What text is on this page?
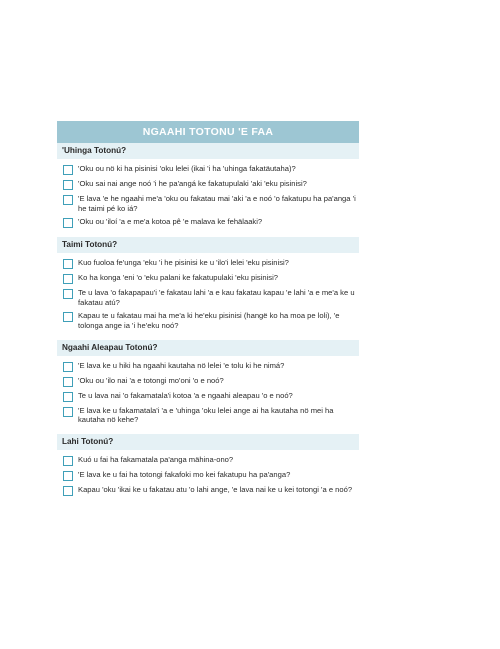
NGAAHI TOTONU 'E FAA
'Uhinga Totonú?
'Oku ou nö ki ha pisinisi 'oku lelei (ikai 'i ha 'uhinga fakatäutaha)?
'Oku sai nai ange noó 'i he pa'angá ke fakatupulaki 'aki 'eku pisinisi?
'E lava 'e he ngaahi me'a 'oku ou fakatau mai 'aki 'a e noó 'o fakatupu ha pa'anga 'i he taimi pé ko iá?
'Oku ou 'iloí 'a e me'a kotoa pê 'e malava ke fehälaaki?
Taimi Totonú?
Kuo fuoloa fe'unga 'eku 'i he pisinisi ke u 'ilo'i lelei 'eku pisinisi?
Ko ha konga 'eni 'o 'eku palani ke fakatupulaki 'eku pisinisi?
Te u lava 'o fakapapau'i 'e fakatau lahi 'a e kau fakatau kapau 'e lahi 'a e me'a ke u fakatau atú?
Kapau te u fakatau mai ha me'a ki he'eku pisinisi (hangë ko ha moa pe loli), 'e tolonga ange ia 'i he'eku noó?
Ngaahi Aleapau Totonú?
'E lava ke u hiki ha ngaahi kautaha nö lelei 'e tolu ki he nimá?
'Oku ou 'ilo nai 'a e totongi mo'oni 'o e noó?
Te u lava nai 'o fakamatala'i kotoa 'a e ngaahi aleapau 'o e noó?
'E lava ke u fakamatala'i 'a e 'uhinga 'oku lelei ange ai ha kautaha nö mei ha kautaha nö kehe?
Lahi Totonú?
Kuó u fai ha fakamatala pa'anga mähina-ono?
'E lava ke u fai ha totongi fakafoki mo kei fakatupu ha pa'anga?
Kapau 'oku 'ikai ke u fakatau atu 'o lahi ange, 'e lava nai ke u kei totongi 'a e noó?
